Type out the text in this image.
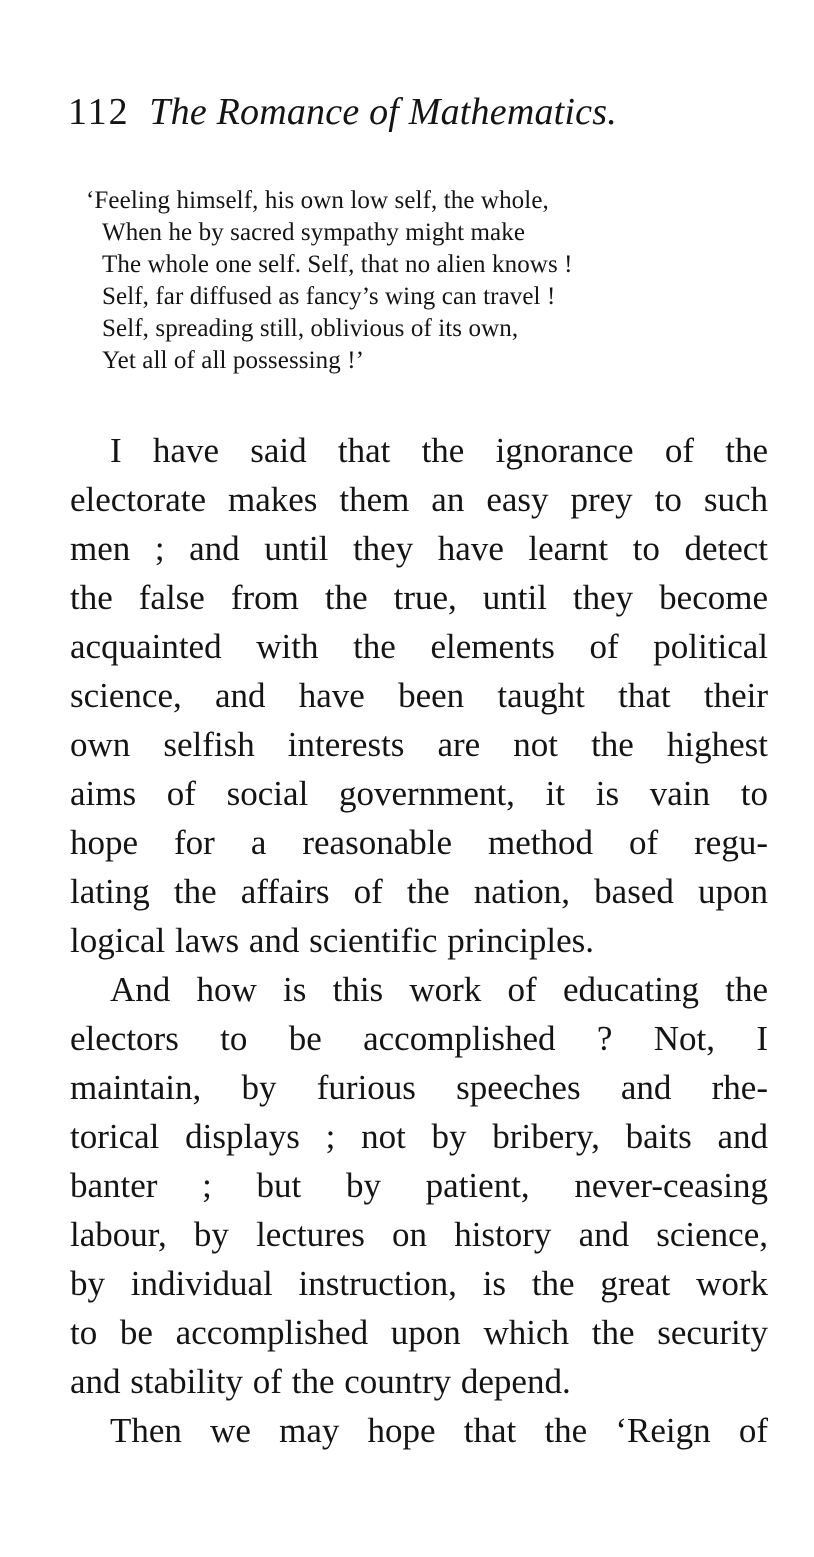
112 The Romance of Mathematics.
‘Feeling himself, his own low self, the whole,
When he by sacred sympathy might make
The whole one self. Self, that no alien knows !
Self, far diffused as fancy’s wing can travel !
Self, spreading still, oblivious of its own,
Yet all of all possessing !’
I have said that the ignorance of the
electorate makes them an easy prey to such
men ; and until they have learnt to detect
the false from the true, until they become
acquainted with the elements of political
science, and have been taught that their
own selfish interests are not the highest
aims of social government, it is vain to
hope for a reasonable method of regu-
lating the affairs of the nation, based upon
logical laws and scientific principles.
And how is this work of educating the
electors to be accomplished ? Not, I
maintain, by furious speeches and rhe-
torical displays ; not by bribery, baits and
banter ; but by patient, never-ceasing
labour, by lectures on history and science,
by individual instruction, is the great work
to be accomplished upon which the security
and stability of the country depend.
Then we may hope that the ‘Reign of
